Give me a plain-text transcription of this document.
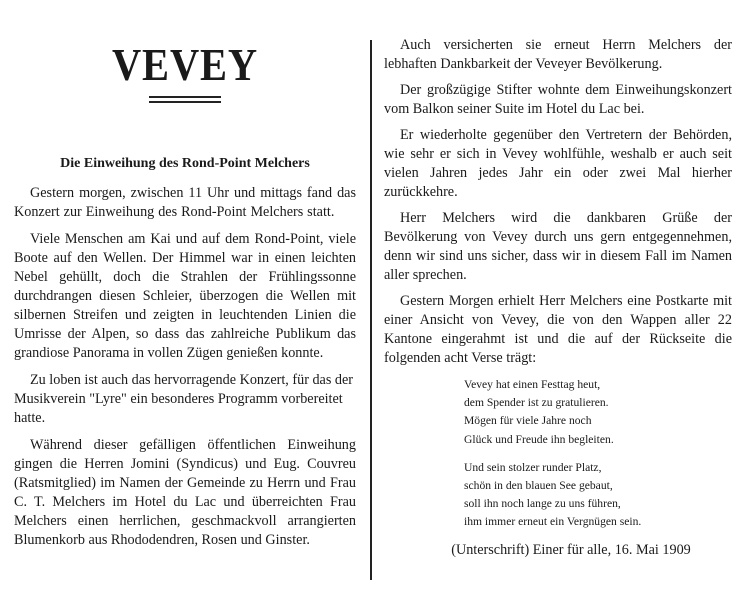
VEVEY
Die Einweihung des Rond-Point Melchers

Gestern morgen, zwischen 11 Uhr und mittags fand das Konzert zur Einweihung des Rond-Point Melchers statt.

Viele Menschen am Kai und auf dem Rond-Point, viele Boote auf den Wellen. Der Himmel war in einen leichten Nebel gehüllt, doch die Strahlen der Frühlingssonne durchdrangen diesen Schleier, überzogen die Wellen mit silbernen Streifen und zeigten in leuchtenden Linien die Umrisse der Alpen, so dass das zahlreiche Publikum das grandiose Panorama in vollen Zügen genießen konnte.

Zu loben ist auch das hervorragende Konzert, für das der Musikverein "Lyre" ein besonderes Programm vorbereitet hatte.

Während dieser gefälligen öffentlichen Einweihung gingen die Herren Jomini (Syndicus) und Eug. Couvreu (Ratsmitglied) im Namen der Gemeinde zu Herrn und Frau C. T. Melchers im Hotel du Lac und überreichten Frau Melchers einen herrlichen, geschmackvoll arrangierten Blumenkorb aus Rhododendren, Rosen und Ginster.

Auch versicherten sie erneut Herrn Melchers der lebhaften Dankbarkeit der Veveyer Bevölkerung.

Der großzügige Stifter wohnte dem Einweihungskonzert vom Balkon seiner Suite im Hotel du Lac bei.

Er wiederholte gegenüber den Vertretern der Behörden, wie sehr er sich in Vevey wohlfühle, weshalb er auch seit vielen Jahren jedes Jahr ein oder zwei Mal hierher zurückkehre.

Herr Melchers wird die dankbaren Grüße der Bevölkerung von Vevey durch uns gern entgegennehmen, denn wir sind uns sicher, dass wir in diesem Fall im Namen aller sprechen.

Gestern Morgen erhielt Herr Melchers eine Postkarte mit einer Ansicht von Vevey, die von den Wappen aller 22 Kantone eingerahmt ist und die auf der Rückseite die folgenden acht Verse trägt:

Vevey hat einen Festtag heut,
dem Spender ist zu gratulieren.
Mögen für viele Jahre noch
Glück und Freude ihn begleiten.
Und sein stolzer runder Platz,
schön in den blauen See gebaut,
soll ihn noch lange zu uns führen,
ihm immer erneut ein Vergnügen sein.
(Unterschrift) Einer für alle, 16. Mai 1909
